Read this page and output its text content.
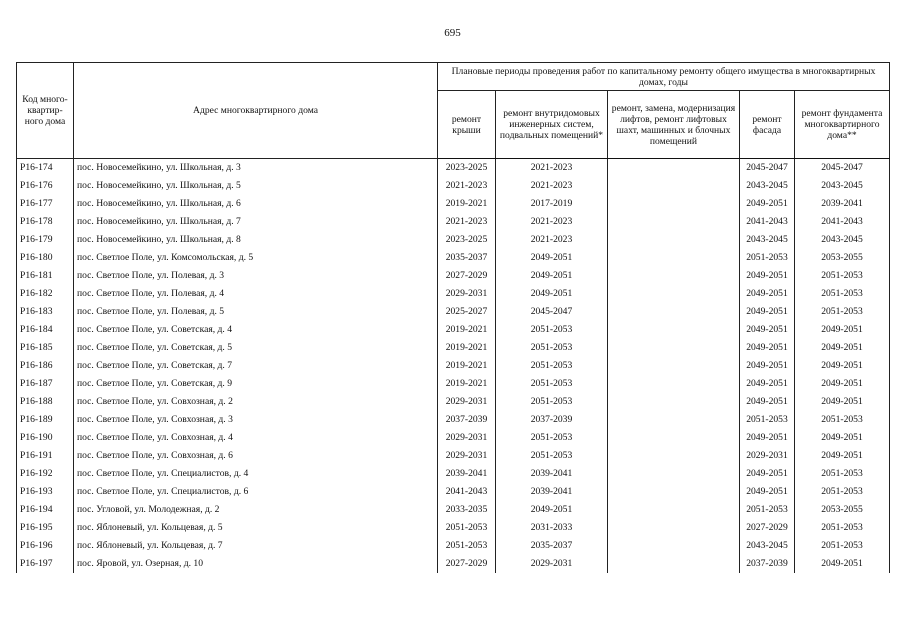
695
Код много-квартир-ного дома	Адрес многоквартирного дома	Плановые периоды проведения работ по капитальному ремонту общего имущества в многоквартирных домах, годы				
		ремонт крыши	ремонт внутридомовых инженерных систем, подвальных помещений*	ремонт, замена, модернизация лифтов, ремонт лифтовых шахт, машинных и блочных помещений	ремонт фасада	ремонт фундамента многоквартирного дома**
Р16-174	пос. Новосемейкино, ул. Школьная, д. 3	2023-2025	2021-2023		2045-2047	2045-2047
Р16-176	пос. Новосемейкино, ул. Школьная, д. 5	2021-2023	2021-2023		2043-2045	2043-2045
Р16-177	пос. Новосемейкино, ул. Школьная, д. 6	2019-2021	2017-2019		2049-2051	2039-2041
Р16-178	пос. Новосемейкино, ул. Школьная, д. 7	2021-2023	2021-2023		2041-2043	2041-2043
Р16-179	пос. Новосемейкино, ул. Школьная, д. 8	2023-2025	2021-2023		2043-2045	2043-2045
Р16-180	пос. Светлое Поле, ул. Комсомольская, д. 5	2035-2037	2049-2051		2051-2053	2053-2055
Р16-181	пос. Светлое Поле, ул. Полевая, д. 3	2027-2029	2049-2051		2049-2051	2051-2053
Р16-182	пос. Светлое Поле, ул. Полевая, д. 4	2029-2031	2049-2051		2049-2051	2051-2053
Р16-183	пос. Светлое Поле, ул. Полевая, д. 5	2025-2027	2045-2047		2049-2051	2051-2053
Р16-184	пос. Светлое Поле, ул. Советская, д. 4	2019-2021	2051-2053		2049-2051	2049-2051
Р16-185	пос. Светлое Поле, ул. Советская, д. 5	2019-2021	2051-2053		2049-2051	2049-2051
Р16-186	пос. Светлое Поле, ул. Советская, д. 7	2019-2021	2051-2053		2049-2051	2049-2051
Р16-187	пос. Светлое Поле, ул. Советская, д. 9	2019-2021	2051-2053		2049-2051	2049-2051
Р16-188	пос. Светлое Поле, ул. Совхозная, д. 2	2029-2031	2051-2053		2049-2051	2049-2051
Р16-189	пос. Светлое Поле, ул. Совхозная, д. 3	2037-2039	2037-2039		2051-2053	2051-2053
Р16-190	пос. Светлое Поле, ул. Совхозная, д. 4	2029-2031	2051-2053		2049-2051	2049-2051
Р16-191	пос. Светлое Поле, ул. Совхозная, д. 6	2029-2031	2051-2053		2029-2031	2049-2051
Р16-192	пос. Светлое Поле, ул. Специалистов, д. 4	2039-2041	2039-2041		2049-2051	2051-2053
Р16-193	пос. Светлое Поле, ул. Специалистов, д. 6	2041-2043	2039-2041		2049-2051	2051-2053
Р16-194	пос. Угловой, ул. Молодежная, д. 2	2033-2035	2049-2051		2051-2053	2053-2055
Р16-195	пос. Яблоневый, ул. Кольцевая, д. 5	2051-2053	2031-2033		2027-2029	2051-2053
Р16-196	пос. Яблоневый, ул. Кольцевая, д. 7	2051-2053	2035-2037		2043-2045	2051-2053
Р16-197	пос. Яровой, ул. Озерная, д. 10	2027-2029	2029-2031		2037-2039	2049-2051
